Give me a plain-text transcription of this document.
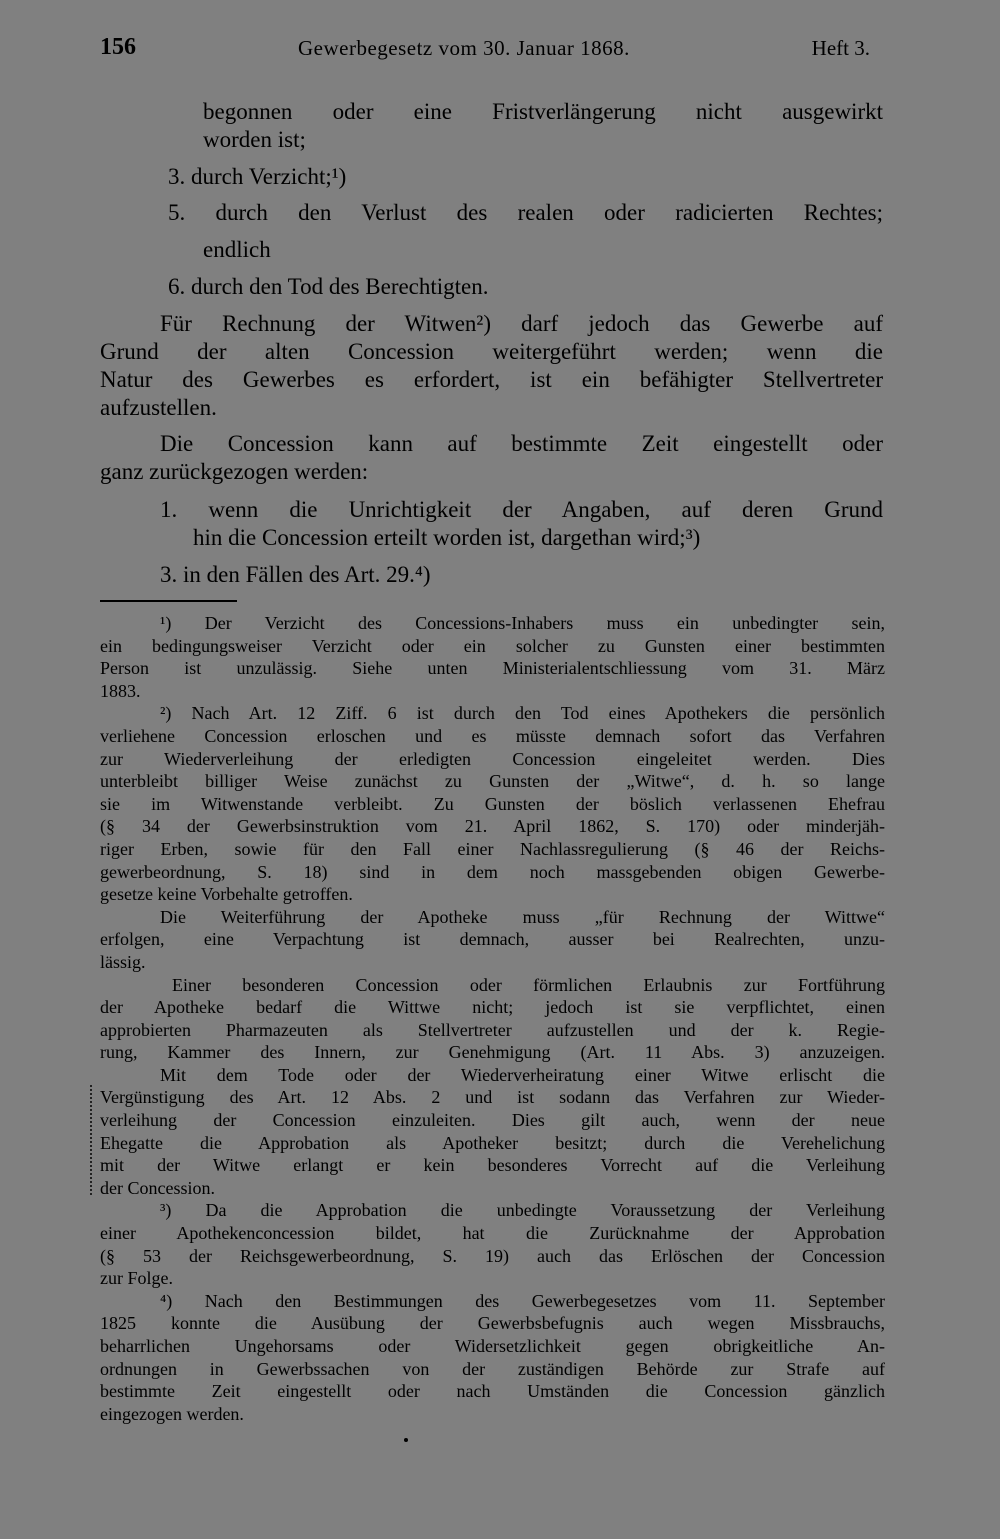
156	Gewerbegesetz vom 30. Januar 1868.	Heft 3.
begonnen oder eine Fristverlängerung nicht ausgewirkt
worden ist;
3. durch Verzicht;¹)
5. durch den Verlust des realen oder radicierten Rechtes;
endlich
6. durch den Tod des Berechtigten.
Für Rechnung der Witwen²) darf jedoch das Gewerbe auf
Grund der alten Concession weitergeführt werden; wenn die
Natur des Gewerbes es erfordert, ist ein befähigter Stellvertreter
aufzustellen.
Die Concession kann auf bestimmte Zeit eingestellt oder
ganz zurückgezogen werden:
1. wenn die Unrichtigkeit der Angaben, auf deren Grund
hin die Concession erteilt worden ist, dargethan wird;³)
3. in den Fällen des Art. 29.⁴)
¹) Der Verzicht des Concessions-Inhabers muss ein unbedingter sein,
ein bedingungsweiser Verzicht oder ein solcher zu Gunsten einer bestimmten
Person ist unzulässig. Siehe unten Ministerialentschliessung vom 31. März
1883.
²) Nach Art. 12 Ziff. 6 ist durch den Tod eines Apothekers die persönlich
verliehene Concession erloschen und es müsste demnach sofort das Verfahren
zur Wiederverleihung der erledigten Concession eingeleitet werden. Dies
unterbleibt billiger Weise zunächst zu Gunsten der „Witwe“, d. h. so lange
sie im Witwenstande verbleibt. Zu Gunsten der böslich verlassenen Ehefrau
(§ 34 der Gewerbsinstruktion vom 21. April 1862, S. 170) oder minderjäh-
riger Erben, sowie für den Fall einer Nachlassregulierung (§ 46 der Reichs-
gewerbeordnung, S. 18) sind in dem noch massgebenden obigen Gewerbe-
gesetze keine Vorbehalte getroffen.
Die Weiterführung der Apotheke muss „für Rechnung der Wittwe“
erfolgen, eine Verpachtung ist demnach, ausser bei Realrechten, unzu-
lässig.
Einer besonderen Concession oder förmlichen Erlaubnis zur Fortführung
der Apotheke bedarf die Wittwe nicht; jedoch ist sie verpflichtet, einen
approbierten Pharmazeuten als Stellvertreter aufzustellen und der k. Regie-
rung, Kammer des Innern, zur Genehmigung (Art. 11 Abs. 3) anzuzeigen.
Mit dem Tode oder der Wiederverheiratung einer Witwe erlischt die
Vergünstigung des Art. 12 Abs. 2 und ist sodann das Verfahren zur Wieder-
verleihung der Concession einzuleiten. Dies gilt auch, wenn der neue
Ehegatte die Approbation als Apotheker besitzt; durch die Verehelichung
mit der Witwe erlangt er kein besonderes Vorrecht auf die Verleihung
der Concession.
³) Da die Approbation die unbedingte Voraussetzung der Verleihung
einer Apothekenconcession bildet, hat die Zurücknahme der Approbation
(§ 53 der Reichsgewerbeordnung, S. 19) auch das Erlöschen der Concession
zur Folge.
⁴) Nach den Bestimmungen des Gewerbegesetzes vom 11. September
1825 konnte die Ausübung der Gewerbsbefugnis auch wegen Missbrauchs,
beharrlichen Ungehorsams oder Widersetzlichkeit gegen obrigkeitliche An-
ordnungen in Gewerbssachen von der zuständigen Behörde zur Strafe auf
bestimmte Zeit eingestellt oder nach Umständen die Concession gänzlich
eingezogen werden.
